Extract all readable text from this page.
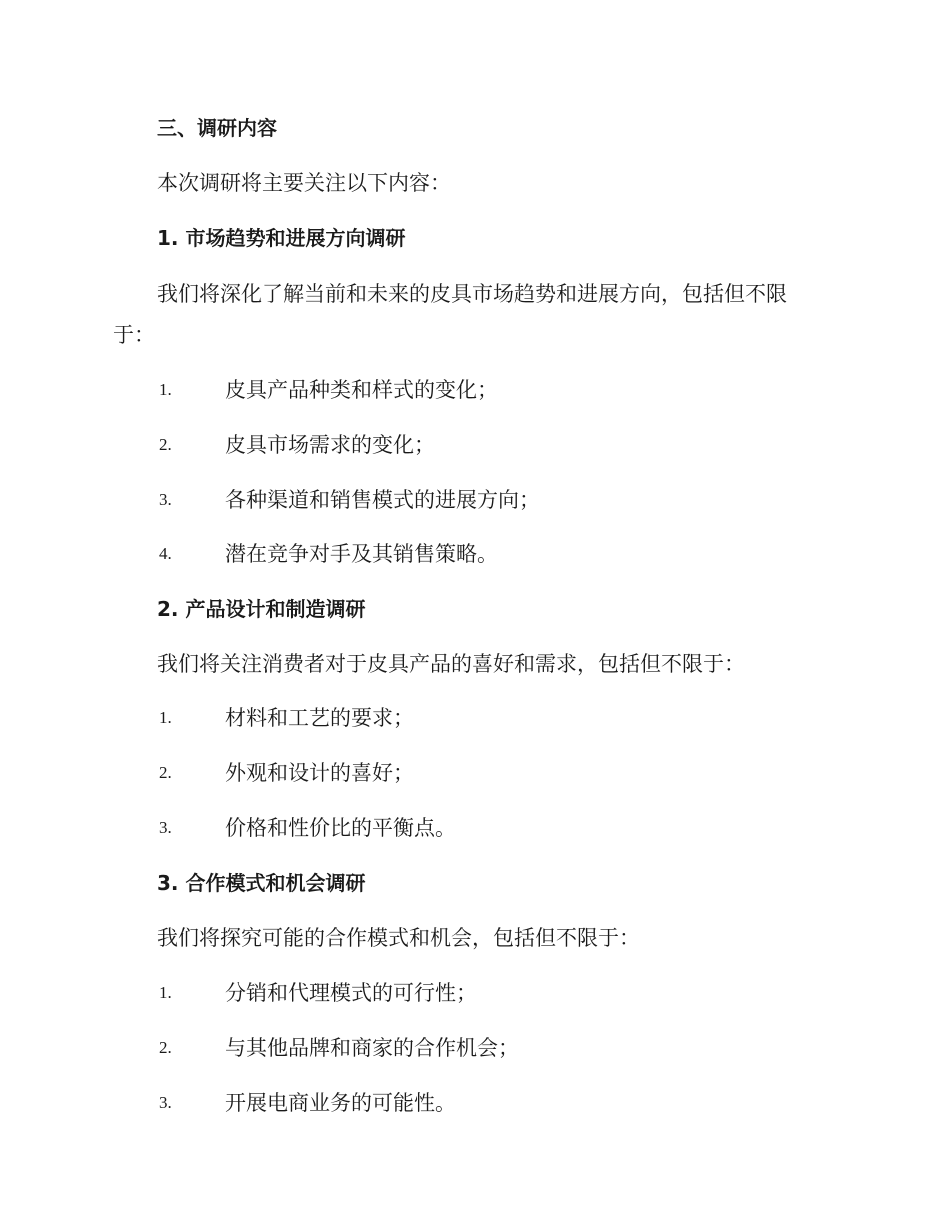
三、调研内容
本次调研将主要关注以下内容：
1. 市场趋势和进展方向调研
我们将深化了解当前和未来的皮具市场趋势和进展方向，包括但不限
于：
1.	皮具产品种类和样式的变化；
2.	皮具市场需求的变化；
3.	各种渠道和销售模式的进展方向；
4.	潜在竞争对手及其销售策略。
2. 产品设计和制造调研
我们将关注消费者对于皮具产品的喜好和需求，包括但不限于：
1.	材料和工艺的要求；
2.	外观和设计的喜好；
3.	价格和性价比的平衡点。
3. 合作模式和机会调研
我们将探究可能的合作模式和机会，包括但不限于：
1.	分销和代理模式的可行性；
2.	与其他品牌和商家的合作机会；
3.	开展电商业务的可能性。
